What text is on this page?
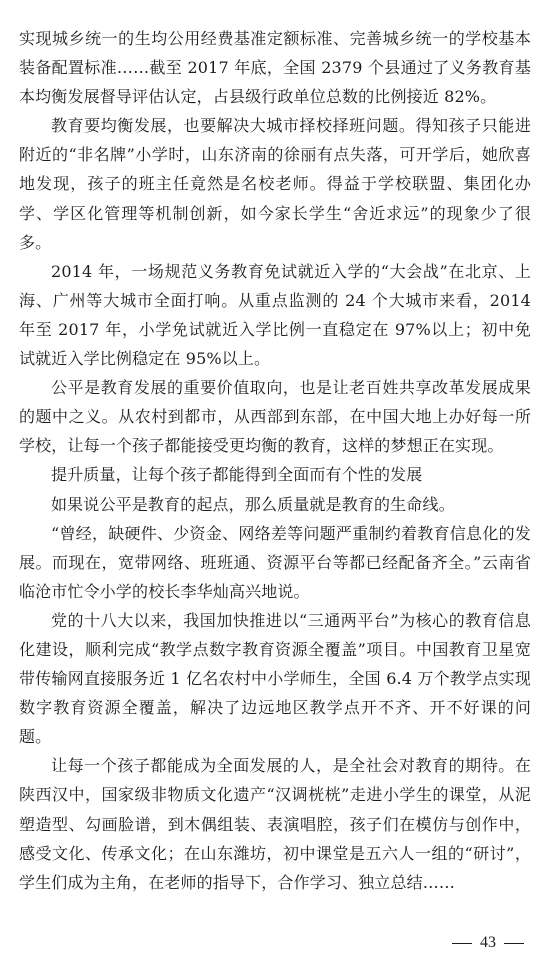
实现城乡统一的生均公用经费基准定额标准、完善城乡统一的学校基本装备配置标准……截至 2017 年底，全国 2379 个县通过了义务教育基本均衡发展督导评估认定，占县级行政单位总数的比例接近 82%。

教育要均衡发展，也要解决大城市择校择班问题。得知孩子只能进附近的“非名牌”小学时，山东济南的徐丽有点失落，可开学后，她欣喜地发现，孩子的班主任竟然是名校老师。得益于学校联盟、集团化办学、学区化管理等机制创新，如今家长学生“舍近求远”的现象少了很多。

2014 年，一场规范义务教育免试就近入学的“大会战”在北京、上海、广州等大城市全面打响。从重点监测的 24 个大城市来看，2014 年至 2017 年，小学免试就近入学比例一直稳定在 97%以上；初中免试就近入学比例稳定在 95%以上。

公平是教育发展的重要价值取向，也是让老百姓共享改革发展成果的题中之义。从农村到都市，从西部到东部，在中国大地上办好每一所学校，让每一个孩子都能接受更均衡的教育，这样的梦想正在实现。

提升质量，让每个孩子都能得到全面而有个性的发展

如果说公平是教育的起点，那么质量就是教育的生命线。

“曾经，缺硬件、少资金、网络差等问题严重制约着教育信息化的发展。而现在，宽带网络、班班通、资源平台等都已经配备齐全。”云南省临沧市忙令小学的校长李华灿高兴地说。

党的十八大以来，我国加快推进以“三通两平台”为核心的教育信息化建设，顺利完成“教学点数字教育资源全覆盖”项目。中国教育卫星宽带传输网直接服务近 1 亿名农村中小学师生，全国 6.4 万个教学点实现数字教育资源全覆盖，解决了边远地区教学点开不齐、开不好课的问题。

让每一个孩子都能成为全面发展的人，是全社会对教育的期待。在陕西汉中，国家级非物质文化遗产“汉调桄桄”走进小学生的课堂，从泥塑造型、勾画脸谱，到木偶组装、表演唱腔，孩子们在模仿与创作中，感受文化、传承文化；在山东潍坊，初中课堂是五六人一组的“研讨”，学生们成为主角，在老师的指导下，合作学习、独立总结……

43
